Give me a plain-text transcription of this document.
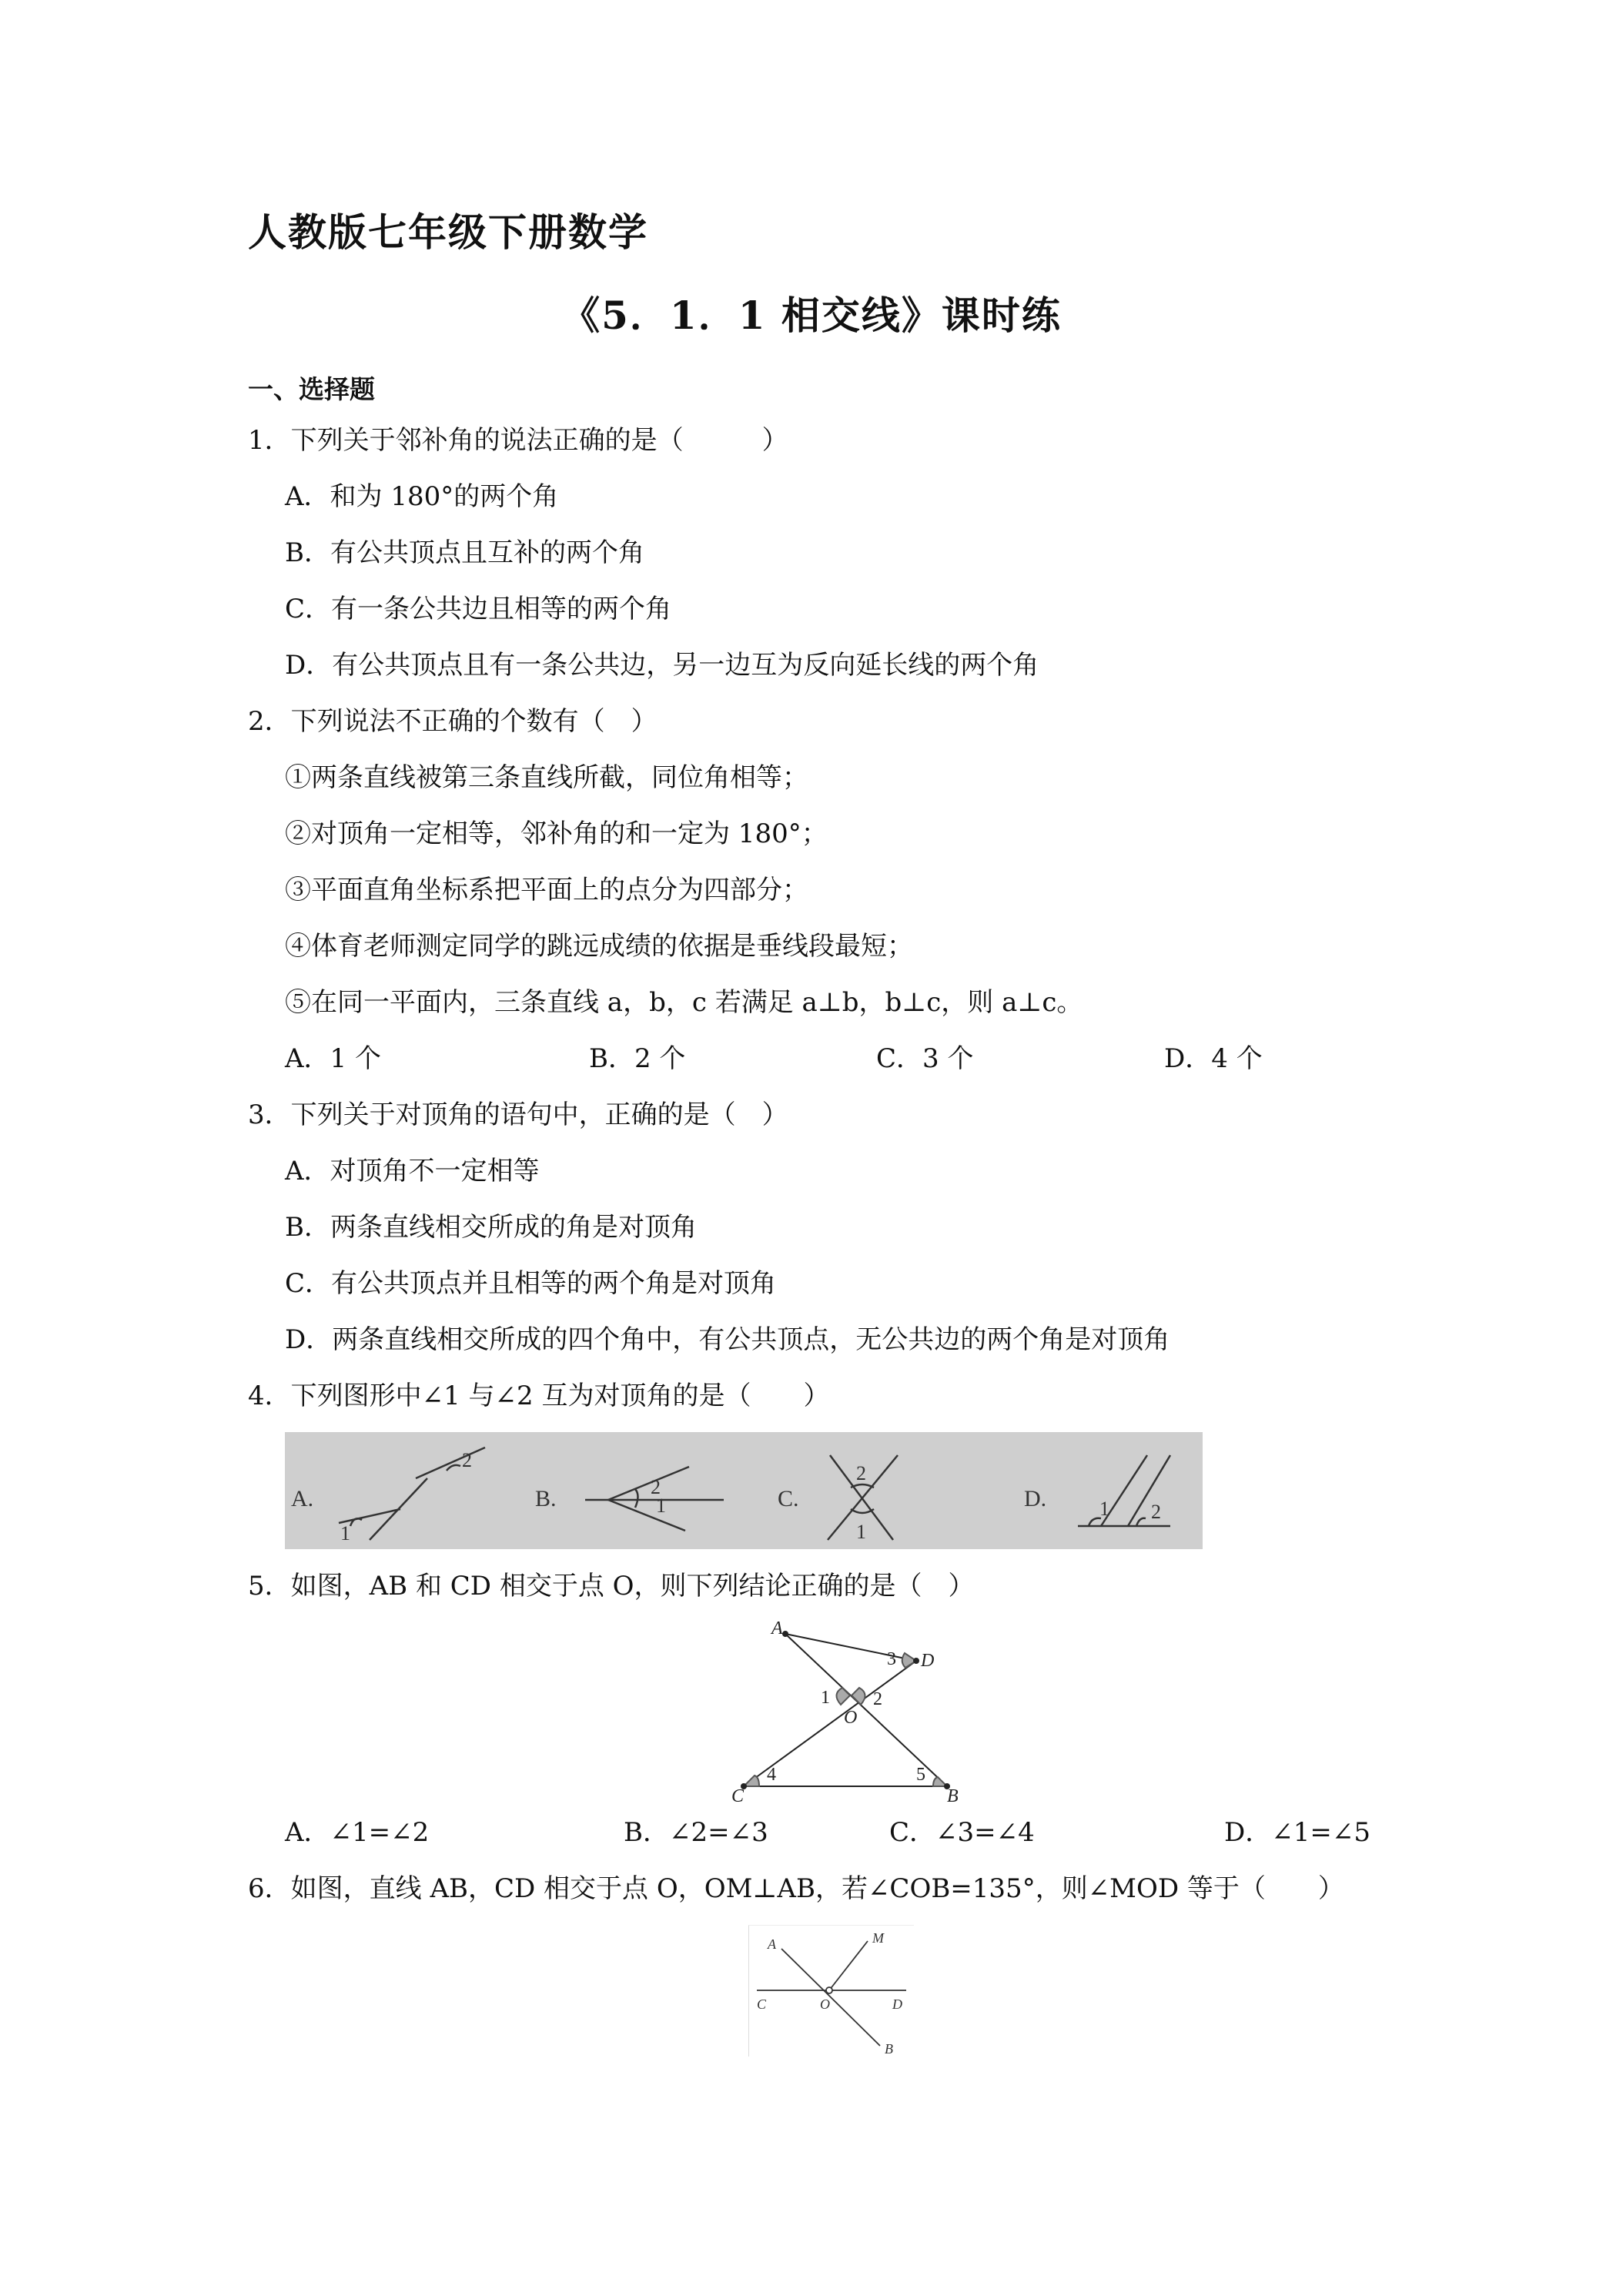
人教版七年级下册数学
《5．1．1 相交线》课时练
一、选择题
1．下列关于邻补角的说法正确的是（　　　）
A．和为 180°的两个角
B．有公共顶点且互补的两个角
C．有一条公共边且相等的两个角
D．有公共顶点且有一条公共边，另一边互为反向延长线的两个角
2．下列说法不正确的个数有（　）
①两条直线被第三条直线所截，同位角相等；
②对顶角一定相等，邻补角的和一定为 180°；
③平面直角坐标系把平面上的点分为四部分；
④体育老师测定同学的跳远成绩的依据是垂线段最短；
⑤在同一平面内，三条直线 a，b，c 若满足 a⊥b，b⊥c，则 a⊥c。
A．1 个	B．2 个	C．3 个	D．4 个
3．下列关于对顶角的语句中，正确的是（　）
A．对顶角不一定相等
B．两条直线相交所成的角是对顶角
C．有公共顶点并且相等的两个角是对顶角
D．两条直线相交所成的四个角中，有公共顶点，无公共边的两个角是对顶角
4．下列图形中∠1 与∠2 互为对顶角的是（　　）
A.
1
2
B.	2
1	C.
2
1
D.	1 2
5．如图，AB 和 CD 相交于点 O，则下列结论正确的是（　）
A
D
O
C	B
1 2
3
4	5
A．∠1=∠2	B．∠2=∠3	C．∠3=∠4	D．∠1=∠5
6．如图，直线 AB，CD 相交于点 O，OM⊥AB，若∠COB=135°，则∠MOD 等于（　　）
A	M
C	O	D
B
